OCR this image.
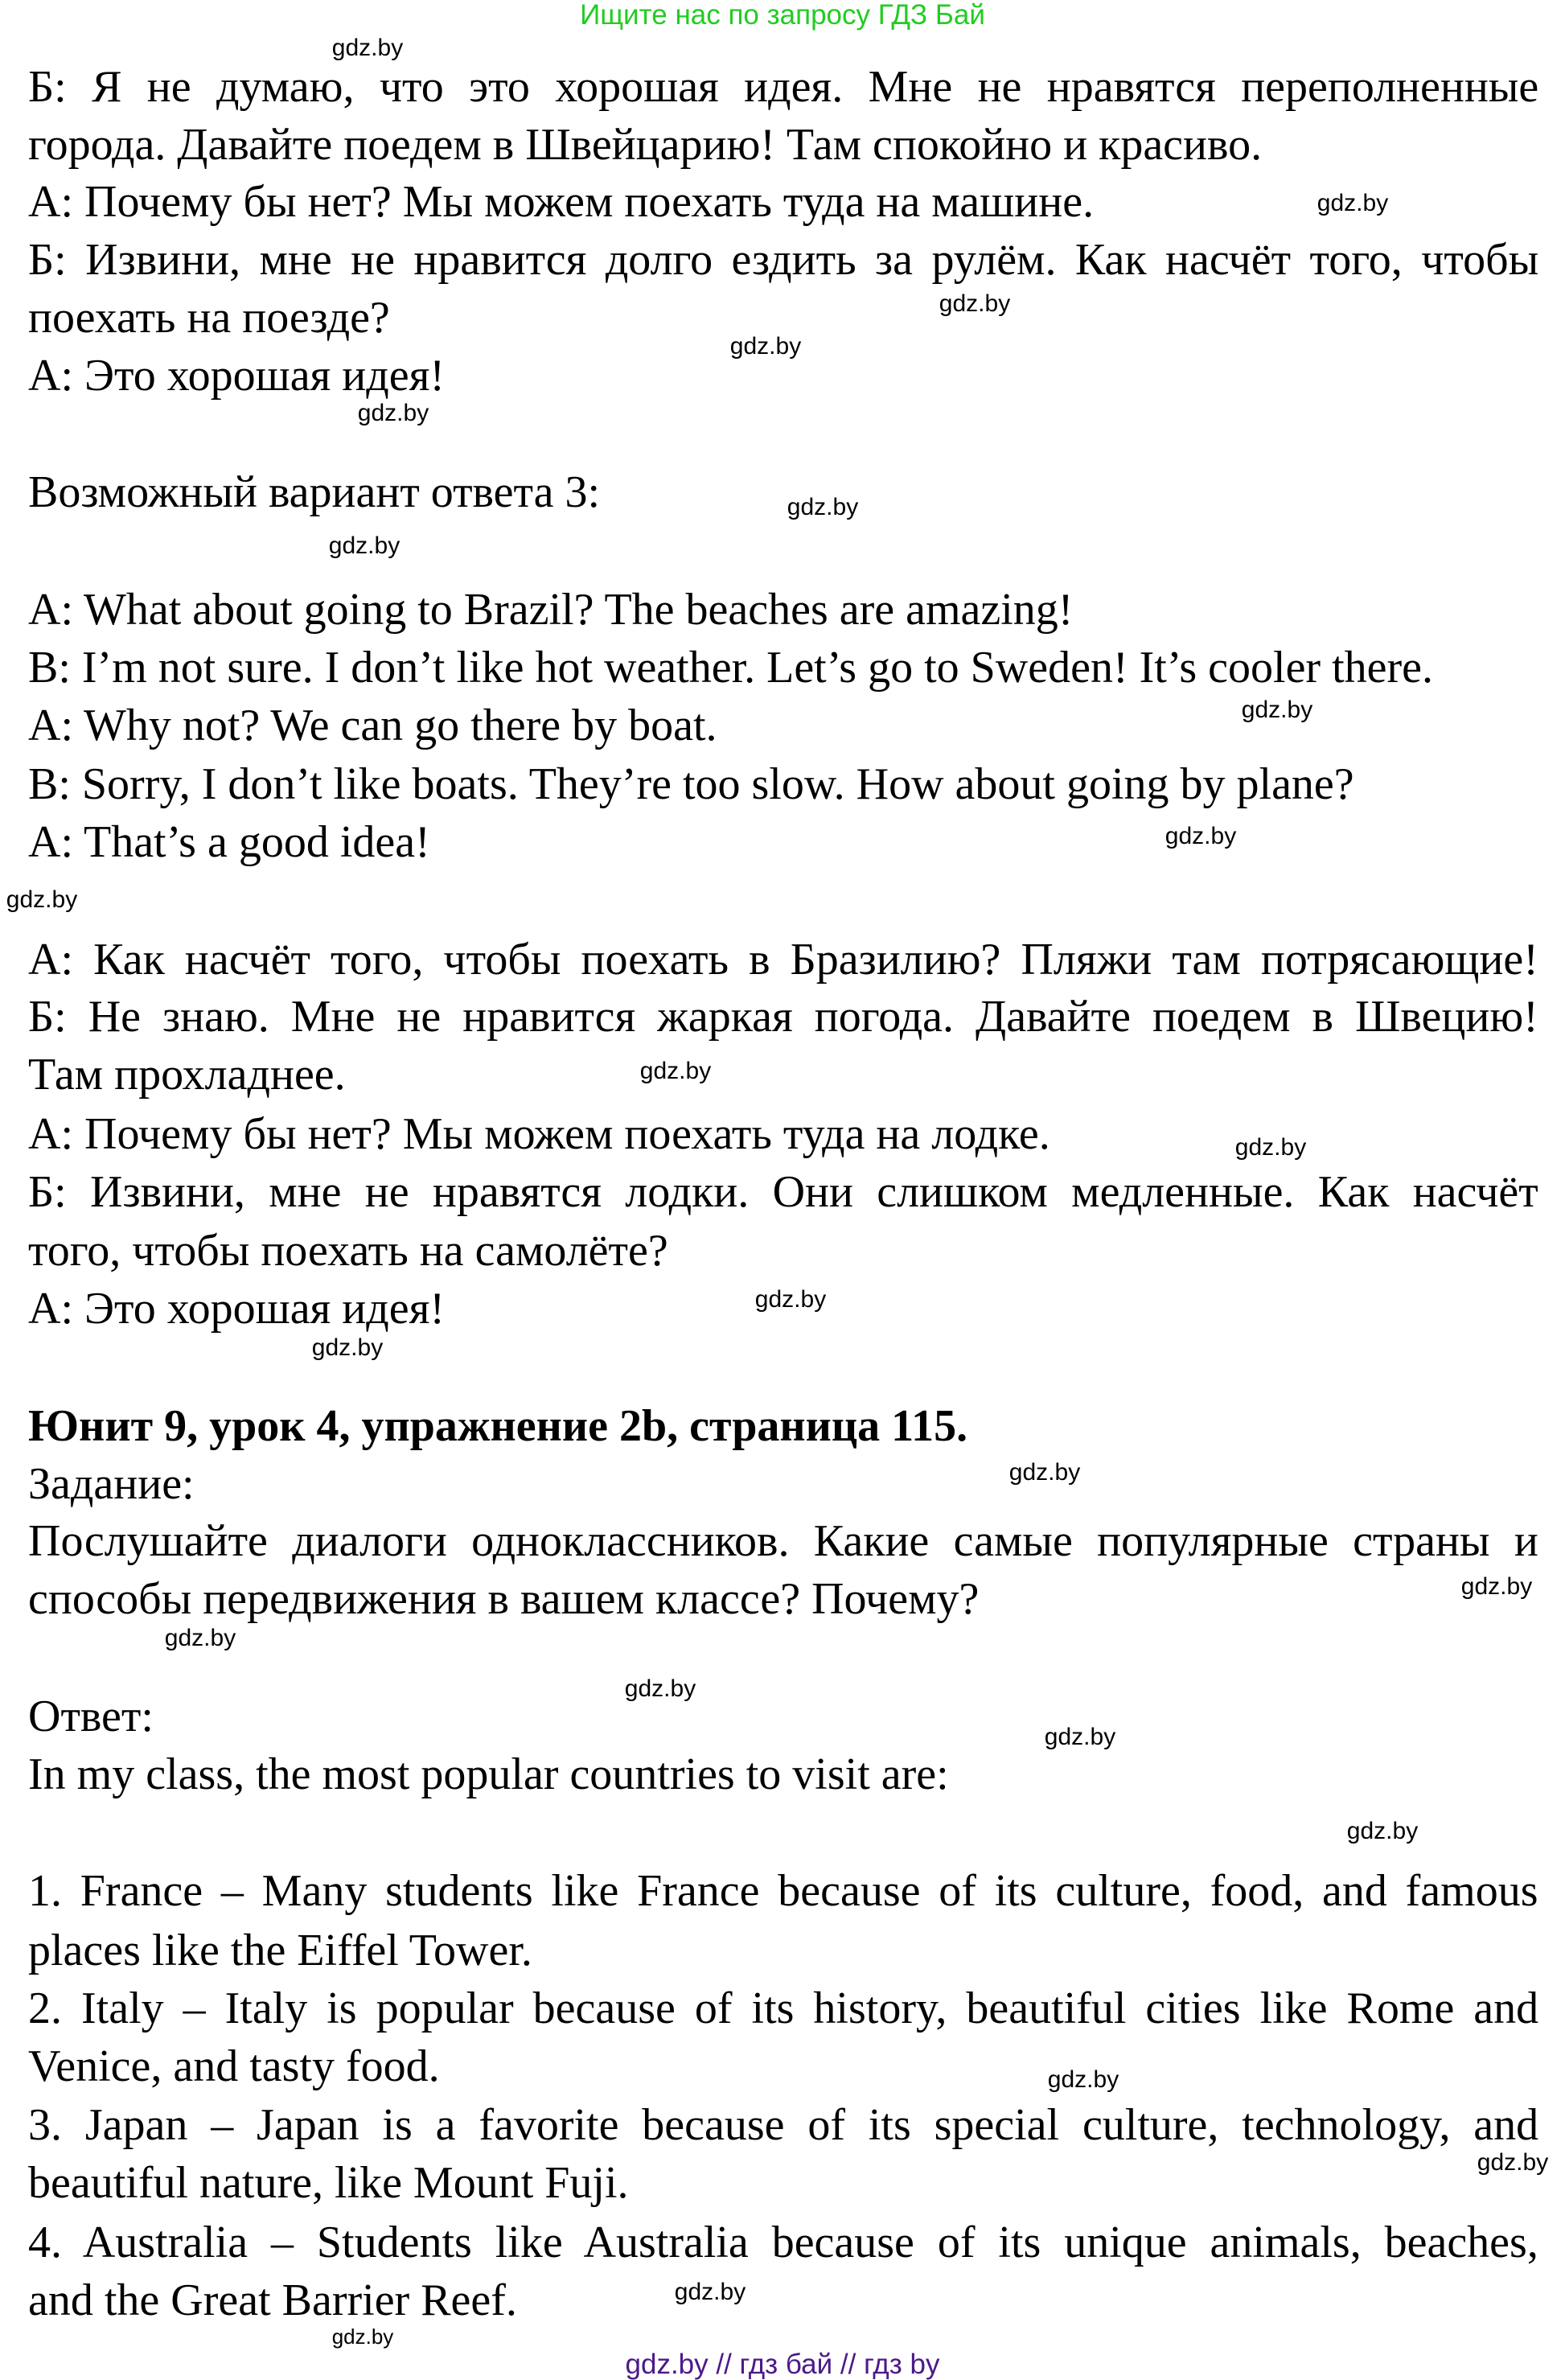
Ищите нас по запросу ГДЗ Бай
Б: Я не думаю, что это хорошая идея. Мне не нравятся переполненные
города. Давайте поедем в Швейцарию! Там спокойно и красиво.
А: Почему бы нет? Мы можем поехать туда на машине.
Б: Извини, мне не нравится долго ездить за рулём. Как насчёт того, чтобы
поехать на поезде?
А: Это хорошая идея!
Возможный вариант ответа 3:
A: What about going to Brazil? The beaches are amazing!
B: I’m not sure. I don’t like hot weather. Let’s go to Sweden! It’s cooler there.
A: Why not? We can go there by boat.
B: Sorry, I don’t like boats. They’re too slow. How about going by plane?
A: That’s a good idea!
А: Как насчёт того, чтобы поехать в Бразилию? Пляжи там потрясающие!
Б: Не знаю. Мне не нравится жаркая погода. Давайте поедем в Швецию!
Там прохладнее.
А: Почему бы нет? Мы можем поехать туда на лодке.
Б: Извини, мне не нравятся лодки. Они слишком медленные. Как насчёт
того, чтобы поехать на самолёте?
А: Это хорошая идея!
Юнит 9, урок 4, упражнение 2b, страница 115.
Задание:
Послушайте диалоги одноклассников. Какие самые популярные страны и
способы передвижения в вашем классе? Почему?
Ответ:
In my class, the most popular countries to visit are:
1. France – Many students like France because of its culture, food, and famous
places like the Eiffel Tower.
2. Italy – Italy is popular because of its history, beautiful cities like Rome and
Venice, and tasty food.
3. Japan – Japan is a favorite because of its special culture, technology, and
beautiful nature, like Mount Fuji.
4. Australia – Students like Australia because of its unique animals, beaches,
and the Great Barrier Reef.
gdz.by
gdz.by
gdz.by
gdz.by
gdz.by
gdz.by
gdz.by
gdz.by
gdz.by
gdz.by
gdz.by
gdz.by
gdz.by
gdz.by
gdz.by
gdz.by
gdz.by
gdz.by
gdz.by
gdz.by
gdz.by
gdz.by
gdz.by
gdz.by
gdz.by // гдз бай // гдз by
